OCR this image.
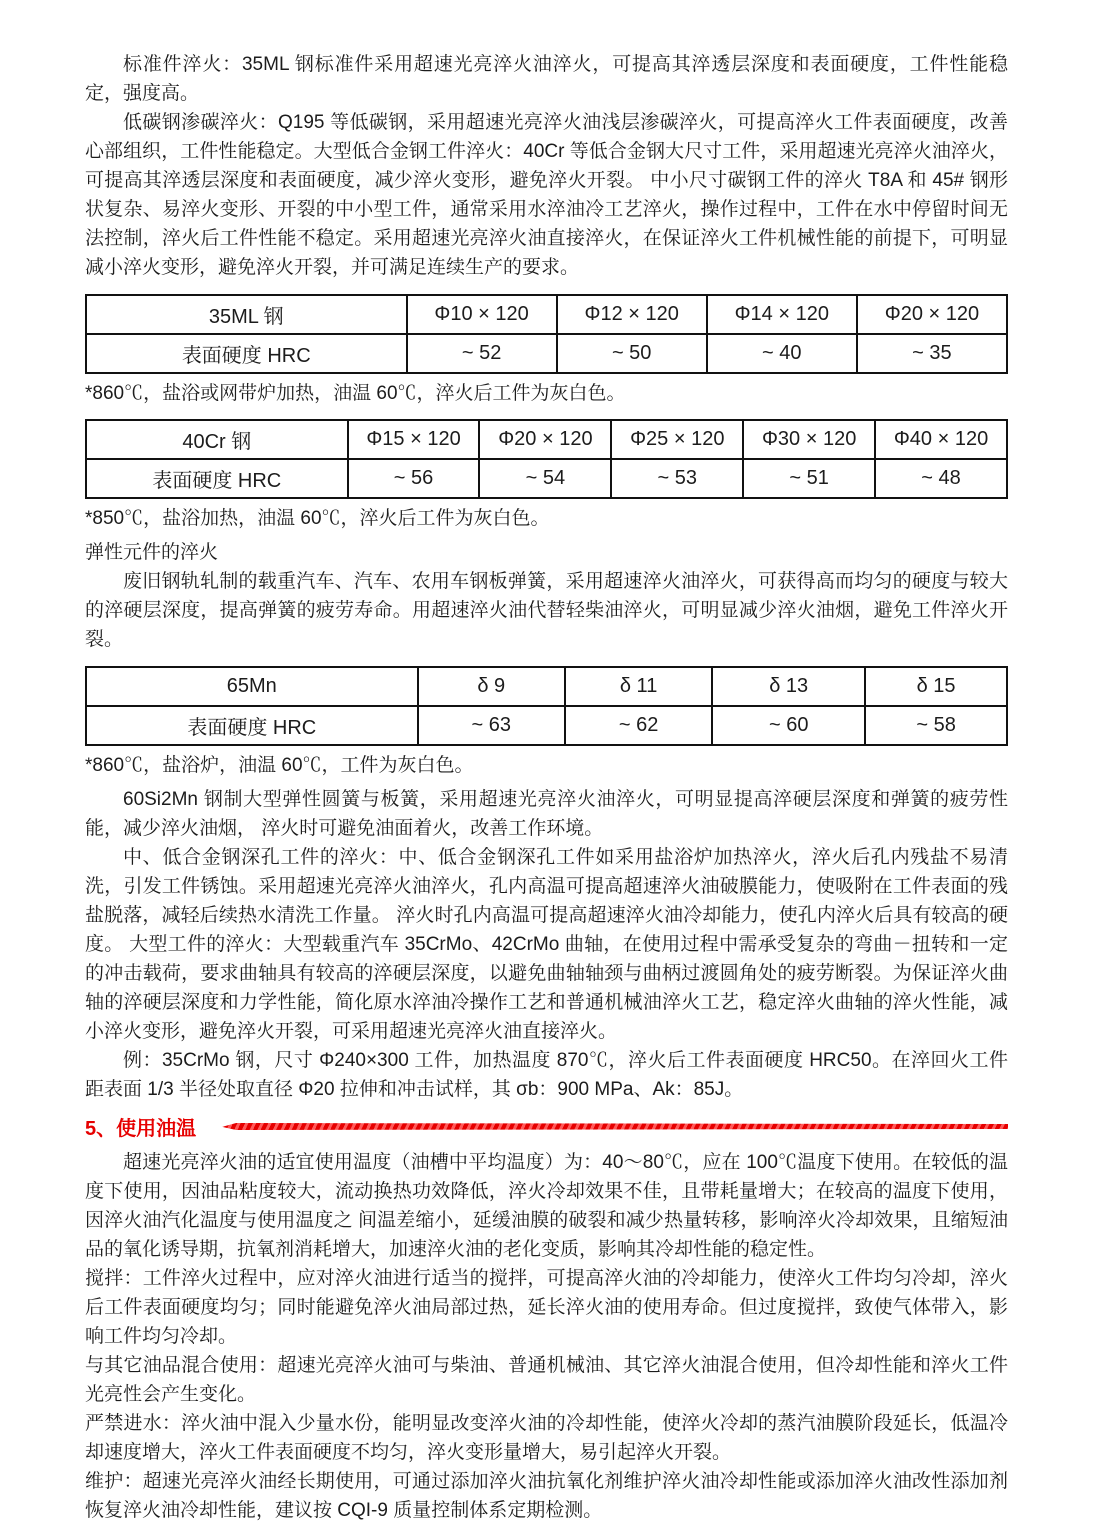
标准件淬火：35ML 钢标准件采用超速光亮淬火油淬火，可提高其淬透层深度和表面硬度，工件性能稳定，强度高。

低碳钢渗碳淬火：Q195 等低碳钢，采用超速光亮淬火油浅层渗碳淬火，可提高淬火工件表面硬度，改善心部组织，工件性能稳定。大型低合金钢工件淬火：40Cr 等低合金钢大尺寸工件，采用超速光亮淬火油淬火，可提高其淬透层深度和表面硬度，减少淬火变形，避免淬火开裂。 中小尺寸碳钢工件的淬火 T8A 和 45# 钢形状复杂、易淬火变形、开裂的中小型工件，通常采用水淬油冷工艺淬火，操作过程中，工件在水中停留时间无法控制，淬火后工件性能不稳定。采用超速光亮淬火油直接淬火，在保证淬火工件机械性能的前提下，可明显减小淬火变形，避免淬火开裂，并可满足连续生产的要求。

35ML 钢	Φ10 × 120	Φ12 × 120	Φ14 × 120	Φ20 × 120
表面硬度 HRC	~ 52	~ 50	~ 40	~ 35

*860℃，盐浴或网带炉加热，油温 60℃，淬火后工件为灰白色。

40Cr 钢	Φ15 × 120	Φ20 × 120	Φ25 × 120	Φ30 × 120	Φ40 × 120
表面硬度 HRC	~ 56	~ 54	~ 53	~ 51	~ 48

*850℃，盐浴加热，油温 60℃，淬火后工件为灰白色。

弹性元件的淬火

废旧钢轨轧制的载重汽车、汽车、农用车钢板弹簧，采用超速淬火油淬火，可获得高而均匀的硬度与较大的淬硬层深度，提高弹簧的疲劳寿命。用超速淬火油代替轻柴油淬火，可明显减少淬火油烟，避免工件淬火开裂。

65Mn	δ 9	δ 11	δ 13	δ 15
表面硬度 HRC	~ 63	~ 62	~ 60	~ 58

*860℃，盐浴炉，油温 60℃，工件为灰白色。

60Si2Mn 钢制大型弹性圆簧与板簧，采用超速光亮淬火油淬火，可明显提高淬硬层深度和弹簧的疲劳性能，减少淬火油烟， 淬火时可避免油面着火，改善工作环境。

中、低合金钢深孔工件的淬火：中、低合金钢深孔工件如采用盐浴炉加热淬火，淬火后孔内残盐不易清洗，引发工件锈蚀。采用超速光亮淬火油淬火，孔内高温可提高超速淬火油破膜能力，使吸附在工件表面的残盐脱落，减轻后续热水清洗工作量。 淬火时孔内高温可提高超速淬火油冷却能力，使孔内淬火后具有较高的硬度。 大型工件的淬火：大型载重汽车 35CrMo、42CrMo 曲轴，在使用过程中需承受复杂的弯曲－扭转和一定的冲击载荷，要求曲轴具有较高的淬硬层深度，以避免曲轴轴颈与曲柄过渡圆角处的疲劳断裂。为保证淬火曲轴的淬硬层深度和力学性能，简化原水淬油冷操作工艺和普通机械油淬火工艺，稳定淬火曲轴的淬火性能，减小淬火变形，避免淬火开裂，可采用超速光亮淬火油直接淬火。

例：35CrMo 钢，尺寸 Φ240×300 工件，加热温度 870℃，淬火后工件表面硬度 HRC50。在淬回火工件距表面 1/3 半径处取直径 Φ20 拉伸和冲击试样，其 σb：900 MPa、Ak：85J。

5、使用油温

超速光亮淬火油的适宜使用温度（油槽中平均温度）为：40～80℃，应在 100℃温度下使用。在较低的温度下使用，因油品粘度较大，流动换热功效降低，淬火冷却效果不佳，且带耗量增大；在较高的温度下使用，因淬火油汽化温度与使用温度之 间温差缩小，延缓油膜的破裂和减少热量转移，影响淬火冷却效果，且缩短油品的氧化诱导期，抗氧剂消耗增大，加速淬火油的老化变质，影响其冷却性能的稳定性。

搅拌：工件淬火过程中，应对淬火油进行适当的搅拌，可提高淬火油的冷却能力，使淬火工件均匀冷却，淬火后工件表面硬度均匀；同时能避免淬火油局部过热，延长淬火油的使用寿命。但过度搅拌，致使气体带入，影响工件均匀冷却。

与其它油品混合使用：超速光亮淬火油可与柴油、普通机械油、其它淬火油混合使用，但冷却性能和淬火工件光亮性会产生变化。

严禁进水：淬火油中混入少量水份，能明显改变淬火油的冷却性能，使淬火冷却的蒸汽油膜阶段延长，低温冷却速度增大，淬火工件表面硬度不均匀，淬火变形量增大，易引起淬火开裂。

维护：超速光亮淬火油经长期使用，可通过添加淬火油抗氧化剂维护淬火油冷却性能或添加淬火油改性添加剂恢复淬火油冷却性能，建议按 CQI-9 质量控制体系定期检测。
